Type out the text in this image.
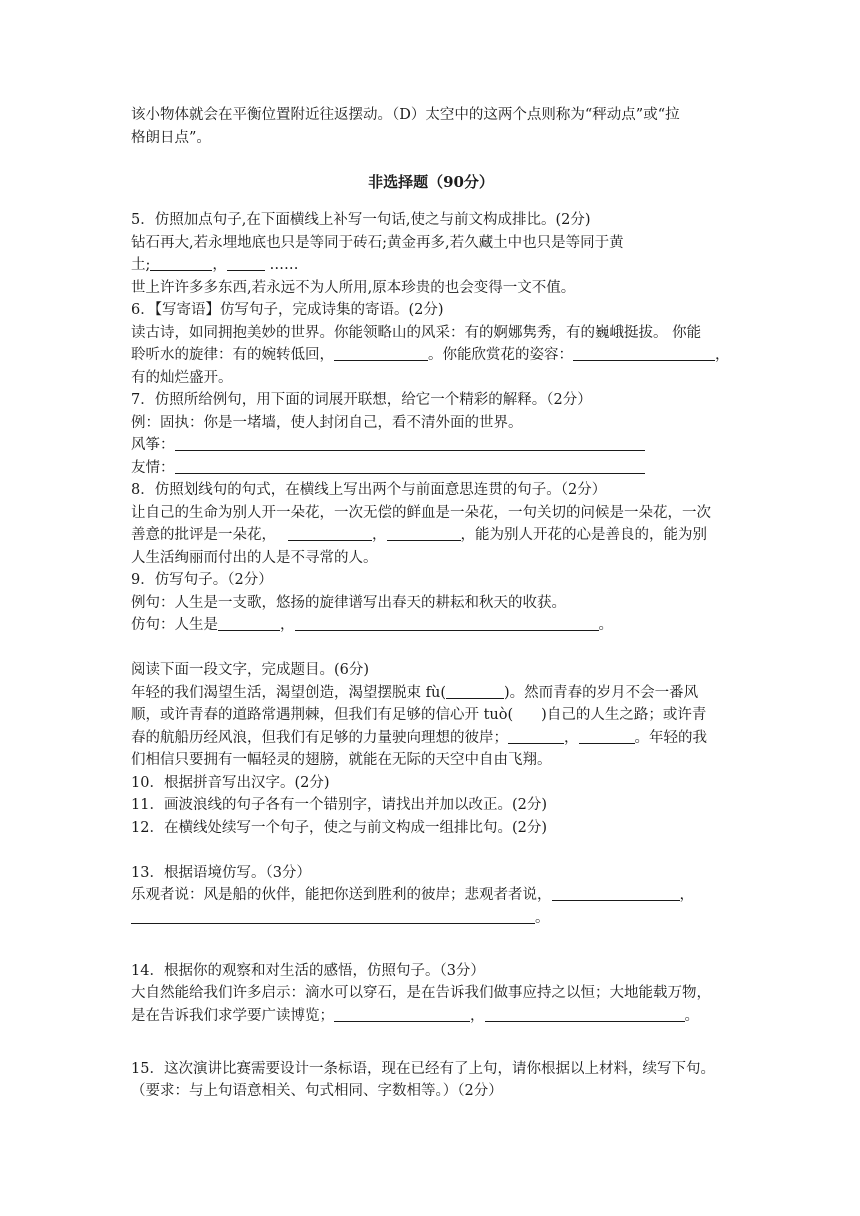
该小物体就会在平衡位置附近往返摆动。（D）太空中的这两个点则称为“秤动点”或“拉
格朗日点”。
非选择题（90分）
5．仿照加点句子,在下面横线上补写一句话,使之与前文构成排比。(2分)
钻石再大,若永埋地底也只是等同于砖石;黄金再多,若久藏土中也只是等同于黄
土;	，	……
世上许许多多东西,若永远不为人所用,原本珍贵的也会变得一文不值。
6．【写寄语】仿写句子，完成诗集的寄语。(2分)
读古诗，如同拥抱美妙的世界。你能领略山的风采：有的婀娜隽秀，有的巍峨挺拔。 你能
聆听水的旋律：有的婉转低回，	。你能欣赏花的姿容：	，
有的灿烂盛开。
7．仿照所给例句，用下面的词展开联想，给它一个精彩的解释。（2分）
例：固执：你是一堵墙，使人封闭自己，看不清外面的世界。
风筝：
友情：
8．仿照划线句的句式，在横线上写出两个与前面意思连贯的句子。（2分）
让自己的生命为别人开一朵花，一次无偿的鲜血是一朵花，一句关切的问候是一朵花，一次
善意的批评是一朵花，	，	，能为别人开花的心是善良的，能为别
人生活绚丽而付出的人是不寻常的人。
9．仿写句子。（2分）
例句：人生是一支歌，悠扬的旋律谱写出春天的耕耘和秋天的收获。
仿句：人生是	，	。
阅读下面一段文字，完成题目。(6分)
年轻的我们渴望生活，渴望创造，渴望摆脱束 fù(	)。然而青春的岁月不会一番风
顺，或许青春的道路常遇荆棘，但我们有足够的信心开 tuò( )自己的人生之路；或许青
春的航船历经风浪，但我们有足够的力量驶向理想的彼岸；	，	。年轻的我
们相信只要拥有一幅轻灵的翅膀，就能在无际的天空中自由飞翔。
10．根据拼音写出汉字。(2分)
11．画波浪线的句子各有一个错别字，请找出并加以改正。(2分)
12．在横线处续写一个句子，使之与前文构成一组排比句。(2分)
13．根据语境仿写。（3分）
乐观者说：风是船的伙伴，能把你送到胜利的彼岸；悲观者者说，	，
。
14．根据你的观察和对生活的感悟，仿照句子。（3分）
大自然能给我们许多启示：滴水可以穿石，是在告诉我们做事应持之以恒；大地能载万物，
是在告诉我们求学要广读博览；	，	。
15．这次演讲比赛需要设计一条标语，现在已经有了上句，请你根据以上材料，续写下句。
（要求：与上句语意相关、句式相同、字数相等。）（2分）
